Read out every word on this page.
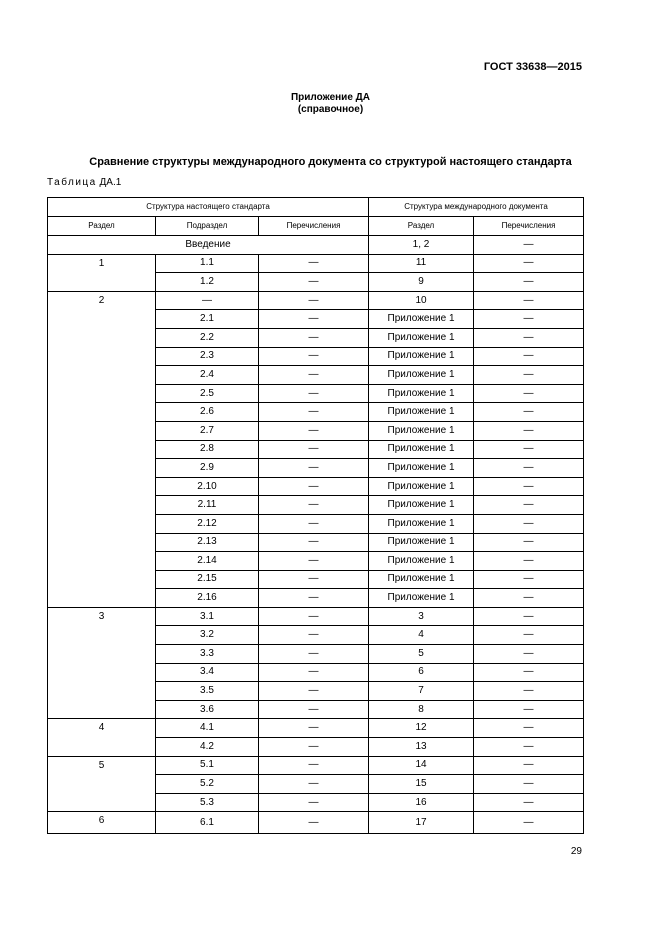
ГОСТ 33638—2015
Приложение ДА
(справочное)
Сравнение структуры международного документа со структурой настоящего стандарта
Таблица ДА.1
Структура настоящего стандарта			Структура международного документа	
Раздел	Подраздел	Перечисления	Раздел	Перечисления
Введение			1, 2	—
1	1.1	—	11	—
	1.2	—	9	—
2	—	—	10	—
	2.1	—	Приложение 1	—
	2.2	—	Приложение 1	—
	2.3	—	Приложение 1	—
	2.4	—	Приложение 1	—
	2.5	—	Приложение 1	—
	2.6	—	Приложение 1	—
	2.7	—	Приложение 1	—
	2.8	—	Приложение 1	—
	2.9	—	Приложение 1	—
	2.10	—	Приложение 1	—
	2.11	—	Приложение 1	—
	2.12	—	Приложение 1	—
	2.13	—	Приложение 1	—
	2.14	—	Приложение 1	—
	2.15	—	Приложение 1	—
	2.16	—	Приложение 1	—
3	3.1	—	3	—
	3.2	—	4	—
	3.3	—	5	—
	3.4	—	6	—
	3.5	—	7	—
	3.6	—	8	—
4	4.1	—	12	—
	4.2	—	13	—
5	5.1	—	14	—
	5.2	—	15	—
	5.3	—	16	—
6	6.1	—	17	—
29
